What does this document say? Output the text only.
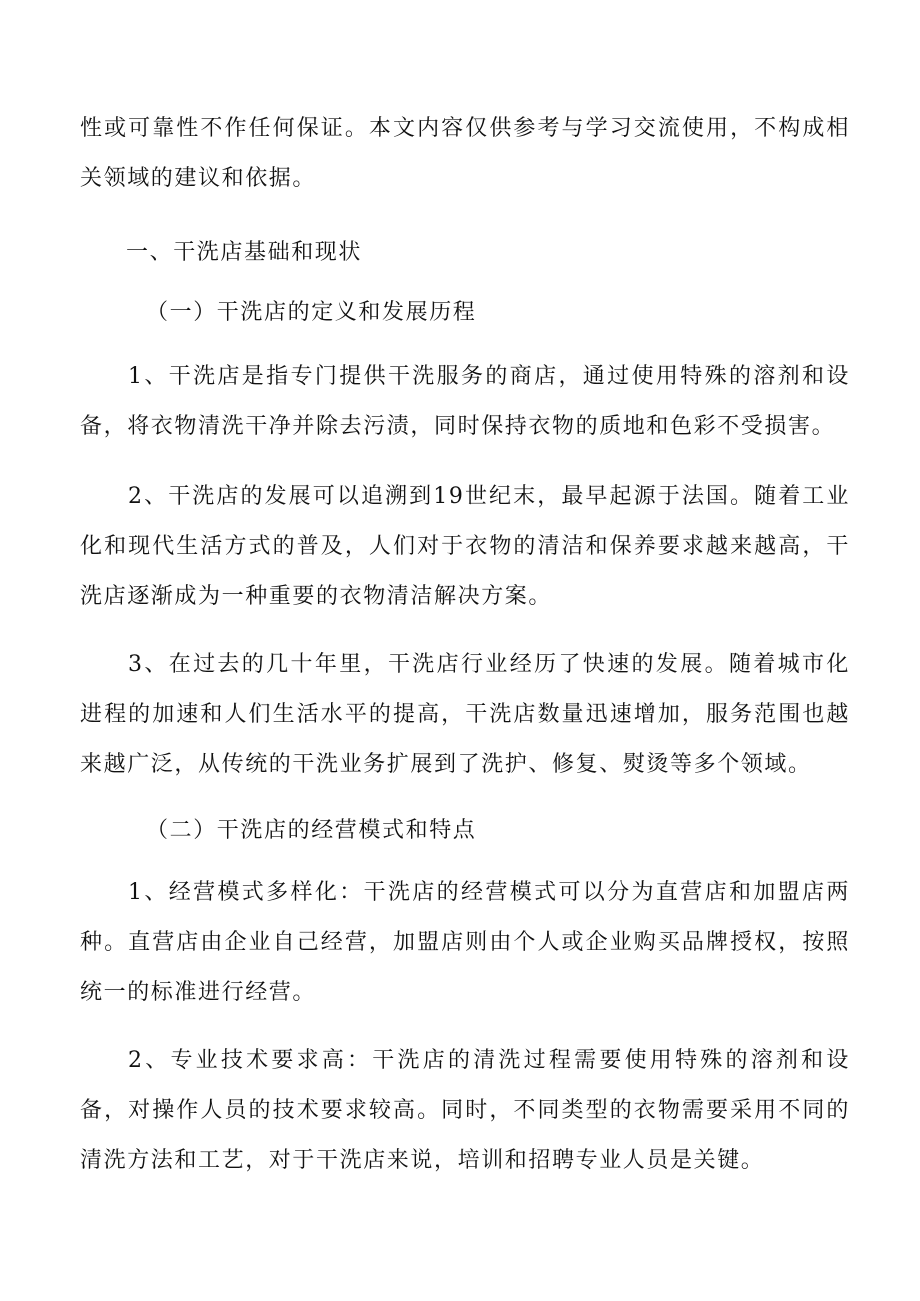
性或可靠性不作任何保证。本文内容仅供参考与学习交流使用，不构成相关领域的建议和依据。

一、干洗店基础和现状

（一）干洗店的定义和发展历程

1、干洗店是指专门提供干洗服务的商店，通过使用特殊的溶剂和设备，将衣物清洗干净并除去污渍，同时保持衣物的质地和色彩不受损害。

2、干洗店的发展可以追溯到19世纪末，最早起源于法国。随着工业化和现代生活方式的普及，人们对于衣物的清洁和保养要求越来越高，干洗店逐渐成为一种重要的衣物清洁解决方案。

3、在过去的几十年里，干洗店行业经历了快速的发展。随着城市化进程的加速和人们生活水平的提高，干洗店数量迅速增加，服务范围也越来越广泛，从传统的干洗业务扩展到了洗护、修复、熨烫等多个领域。

（二）干洗店的经营模式和特点

1、经营模式多样化：干洗店的经营模式可以分为直营店和加盟店两种。直营店由企业自己经营，加盟店则由个人或企业购买品牌授权，按照统一的标准进行经营。

2、专业技术要求高：干洗店的清洗过程需要使用特殊的溶剂和设备，对操作人员的技术要求较高。同时，不同类型的衣物需要采用不同的清洗方法和工艺，对于干洗店来说，培训和招聘专业人员是关键。
